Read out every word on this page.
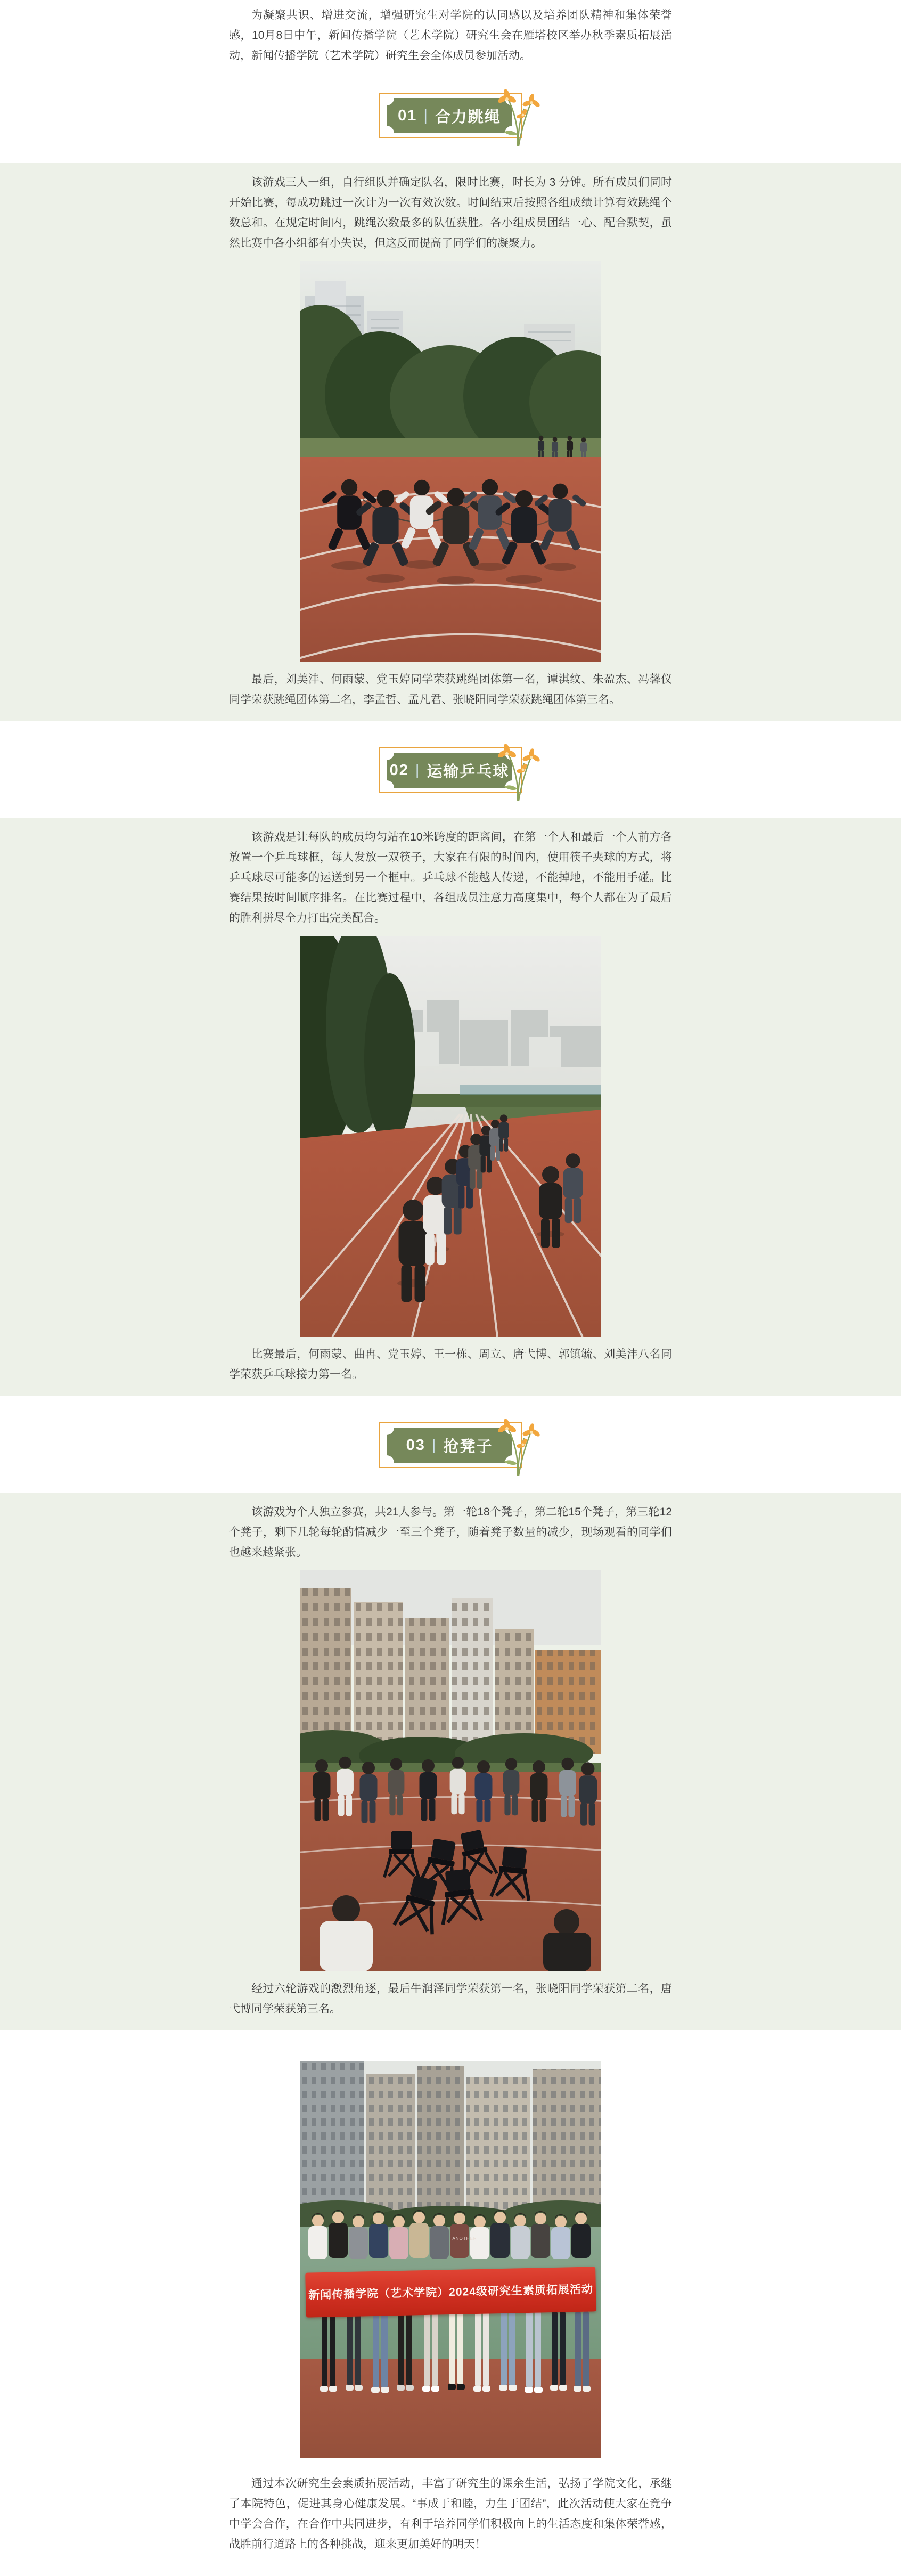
为凝聚共识、增进交流，增强研究生对学院的认同感以及培养团队精神和集体荣誉感，10月8日中午，新闻传播学院（艺术学院）研究生会在雁塔校区举办秋季素质拓展活动，新闻传播学院（艺术学院）研究生会全体成员参加活动。

01 | 合力跳绳

该游戏三人一组，自行组队并确定队名，限时比赛，时长为 3 分钟。所有成员们同时开始比赛，每成功跳过一次计为一次有效次数。时间结束后按照各组成绩计算有效跳绳个数总和。在规定时间内，跳绳次数最多的队伍获胜。各小组成员团结一心、配合默契，虽然比赛中各小组都有小失误，但这反而提高了同学们的凝聚力。

最后，刘美沣、何雨蒙、党玉婷同学荣获跳绳团体第一名，谭淇纹、朱盈杰、冯馨仪同学荣获跳绳团体第二名，李孟哲、孟凡君、张晓阳同学荣获跳绳团体第三名。

02 | 运输乒乓球

该游戏是让每队的成员均匀站在10米跨度的距离间，在第一个人和最后一个人前方各放置一个乒乓球框，每人发放一双筷子，大家在有限的时间内，使用筷子夹球的方式，将乒乓球尽可能多的运送到另一个框中。乒乓球不能越人传递，不能掉地，不能用手碰。比赛结果按时间顺序排名。在比赛过程中，各组成员注意力高度集中，每个人都在为了最后的胜利拼尽全力打出完美配合。

比赛最后，何雨蒙、曲冉、党玉婷、王一栋、周立、唐弋博、郭镇毓、刘美沣八名同学荣获乒乓球接力第一名。

03 | 抢凳子

该游戏为个人独立参赛，共21人参与。第一轮18个凳子，第二轮15个凳子，第三轮12个凳子，剩下几轮每轮酌情减少一至三个凳子，随着凳子数量的减少，现场观看的同学们也越来越紧张。

经过六轮游戏的激烈角逐，最后牛润泽同学荣获第一名，张晓阳同学荣获第二名，唐弋博同学荣获第三名。

ANOTHER
新闻传播学院（艺术学院）2024级研究生素质拓展活动

通过本次研究生会素质拓展活动，丰富了研究生的课余生活，弘扬了学院文化，承继了本院特色，促进其身心健康发展。“事成于和睦，力生于团结”，此次活动使大家在竞争中学会合作，在合作中共同进步，有利于培养同学们积极向上的生活态度和集体荣誉感，战胜前行道路上的各种挑战，迎来更加美好的明天！
